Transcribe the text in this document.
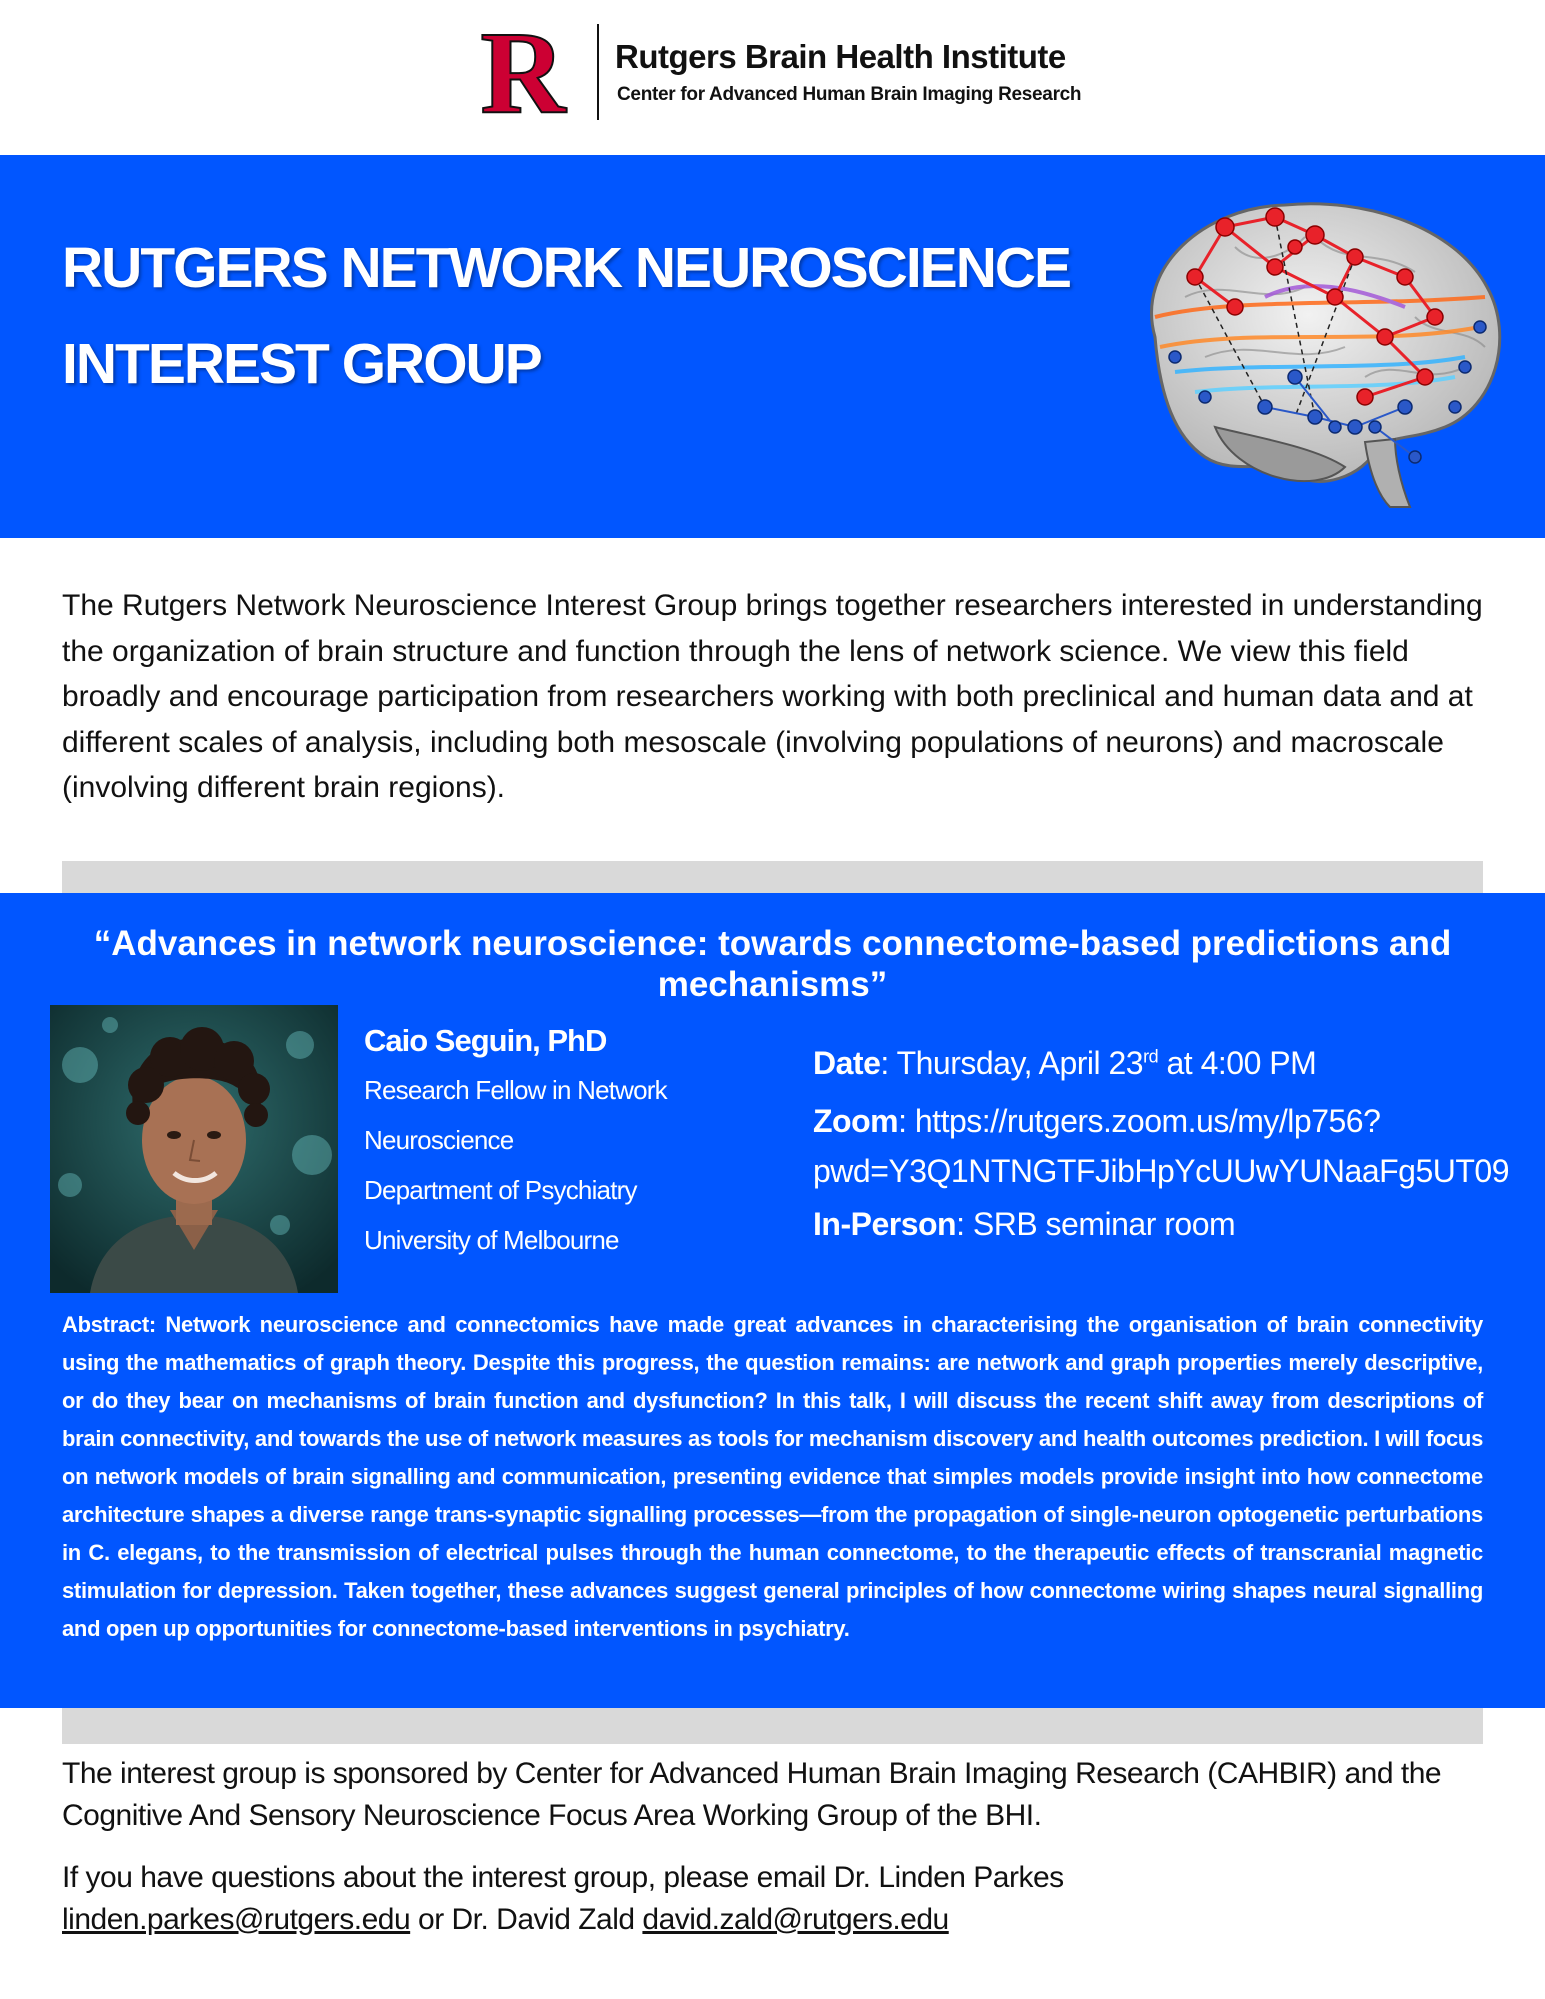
R Rutgers Brain Health Institute
Center for Advanced Human Brain Imaging Research
RUTGERS NETWORK NEUROSCIENCE
INTEREST GROUP
The Rutgers Network Neuroscience Interest Group brings together researchers interested in understanding the organization of brain structure and function through the lens of network science. We view this field broadly and encourage participation from researchers working with both preclinical and human data and at different scales of analysis, including both mesoscale (involving populations of neurons) and macroscale (involving different brain regions).
“Advances in network neuroscience: towards connectome-based predictions and mechanisms”
Caio Seguin, PhD
Research Fellow in Network
Neuroscience
Department of Psychiatry
University of Melbourne
Date: Thursday, April 23rd at 4:00 PM
Zoom: https://rutgers.zoom.us/my/lp756?
pwd=Y3Q1NTNGTFJibHpYcUUwYUNaaFg5UT09
In-Person: SRB seminar room
Abstract: Network neuroscience and connectomics have made great advances in characterising the organisation of brain connectivity using the mathematics of graph theory. Despite this progress, the question remains: are network and graph properties merely descriptive, or do they bear on mechanisms of brain function and dysfunction? In this talk, I will discuss the recent shift away from descriptions of brain connectivity, and towards the use of network measures as tools for mechanism discovery and health outcomes prediction. I will focus on network models of brain signalling and communication, presenting evidence that simples models provide insight into how connectome architecture shapes a diverse range trans-synaptic signalling processes—from the propagation of single-neuron optogenetic perturbations in C. elegans, to the transmission of electrical pulses through the human connectome, to the therapeutic effects of transcranial magnetic stimulation for depression. Taken together, these advances suggest general principles of how connectome wiring shapes neural signalling and open up opportunities for connectome-based interventions in psychiatry.
The interest group is sponsored by Center for Advanced Human Brain Imaging Research (CAHBIR) and the Cognitive And Sensory Neuroscience Focus Area Working Group of the BHI.
If you have questions about the interest group, please email Dr. Linden Parkes
linden.parkes@rutgers.edu or Dr. David Zald david.zald@rutgers.edu
